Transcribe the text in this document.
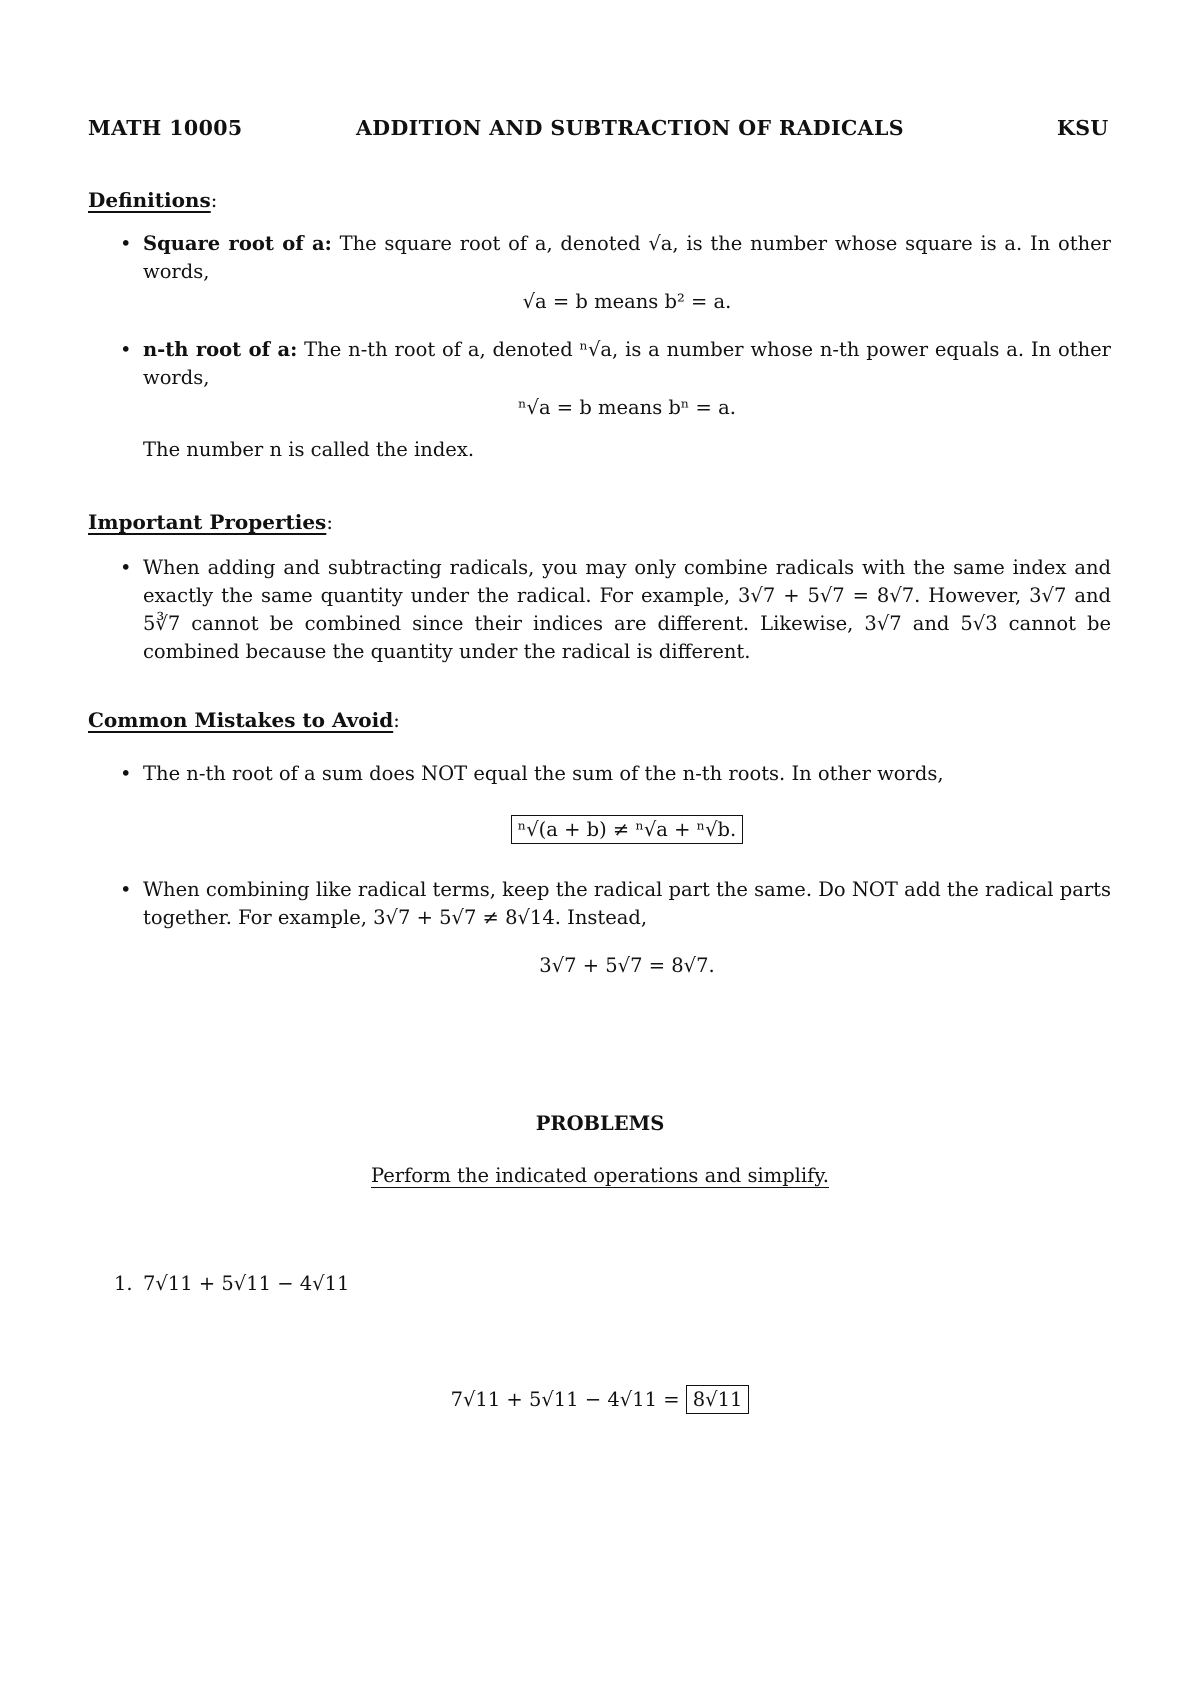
MATH 10005	ADDITION AND SUBTRACTION OF RADICALS	KSU
Definitions:
• Square root of a: The square root of a, denoted √a, is the number whose square is a. In other words,
√a = b means b² = a.
• n-th root of a: The n-th root of a, denoted ⁿ√a, is a number whose n-th power equals a. In other words,
ⁿ√a = b means bⁿ = a.
The number n is called the index.
Important Properties:
• When adding and subtracting radicals, you may only combine radicals with the same index and exactly the same quantity under the radical. For example, 3√7 + 5√7 = 8√7. However, 3√7 and 5∛7 cannot be combined since their indices are different. Likewise, 3√7 and 5√3 cannot be combined because the quantity under the radical is different.
Common Mistakes to Avoid:
• The n-th root of a sum does NOT equal the sum of the n-th roots. In other words,
ⁿ√(a + b) ≠ ⁿ√a + ⁿ√b.
• When combining like radical terms, keep the radical part the same. Do NOT add the radical parts together. For example, 3√7 + 5√7 ≠ 8√14. Instead,
3√7 + 5√7 = 8√7.
PROBLEMS
Perform the indicated operations and simplify.
1. 7√11 + 5√11 − 4√11
7√11 + 5√11 − 4√11 = 8√11
